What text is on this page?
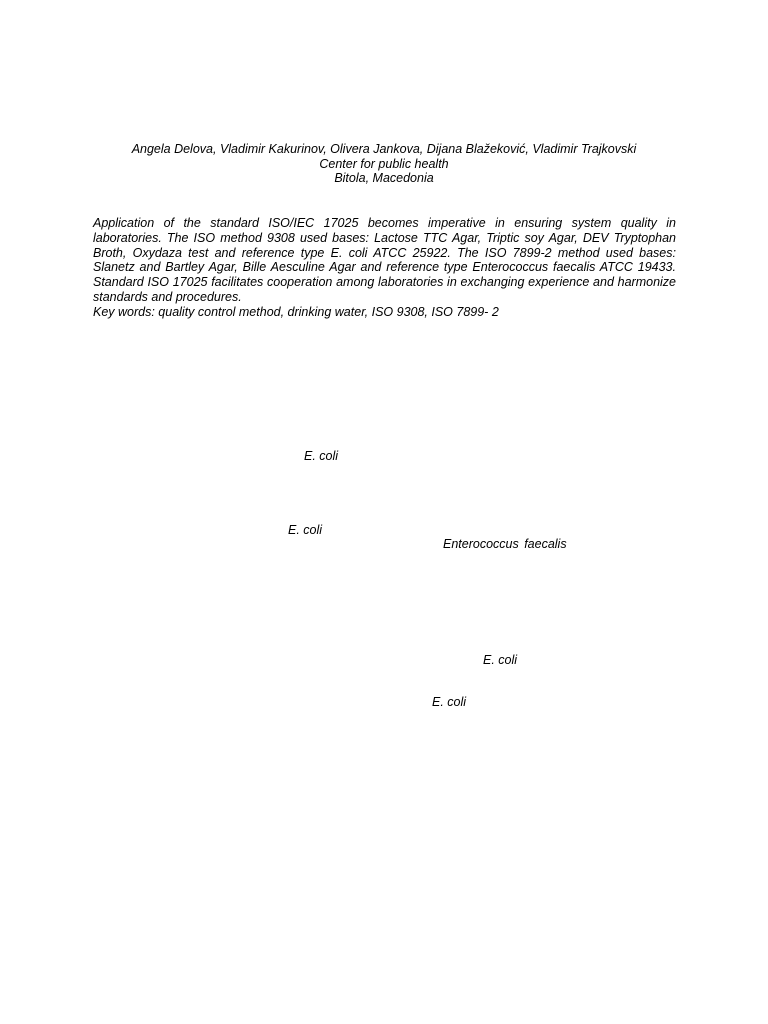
Angela Delova, Vladimir Kakurinov, Olivera Jankova, Dijana Blažeković, Vladimir Trajkovski
Center for public health
Bitola, Macedonia

Application of the standard ISO/IEC 17025 becomes imperative in ensuring system quality in laboratories. The ISO method 9308 used bases: Lactose TTC Agar, Triptic soy Agar, DEV Tryptophan Broth, Oxydaza test and reference type E. coli ATCC 25922. The ISO 7899-2 method used bases: Slanetz and Bartley Agar, Bille Aesculine Agar and reference type Enterococcus faecalis ATCC 19433. Standard ISO 17025 facilitates cooperation among laboratories in exchanging experience and harmonize standards and procedures.

Key words: quality control method, drinking water, ISO 9308, ISO 7899- 2

E. coli
E. coli
Enterococcus faecalis
E. coli
E. coli
